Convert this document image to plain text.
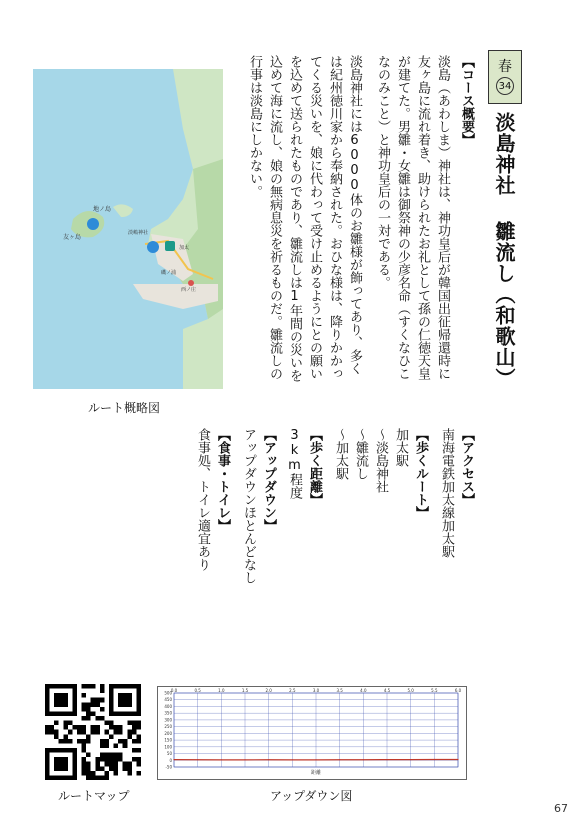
春
34
淡島神社 雛流し（和歌山）
【コース概要】

淡島（あわしま）神社は、神功皇后が韓国出征帰還時に友ヶ島に流れ着き、助けられたお礼として孫の仁徳天皇が建てた。男雛・女雛は御祭神の少彦名命（すくなひこなのみこと）と神功皇后の一対である。

淡島神社には6000体のお雛様が飾ってあり、多くは紀州徳川家から奉納された。おひな様は、降りかかってくる災いを、娘に代わって受け止めるようにとの願いを込めて送られたものであり、雛流しは1年間の災いを込めて海に流し、娘の無病息災を祈るものだ。雛流しの行事は淡島にしかない。

【アクセス】
南海電鉄加太線加太駅
【歩くルート】
加太駅
～淡島神社
～雛流し
～加太駅
【歩く距離】
3km程度
【アップダウン】
アップダウンほとんどなし
【食事・トイレ】
食事処、トイレ適宜あり
地ノ島
友ヶ島
淡嶋神社
加太
磯ノ浦
西ノ庄
ルート概略図
ルートマップ
500
450
400
350
300
250
200
150
100
50
0
-50
0.0	0.5	1.0	1.5	2.0	2.5	3.0	3.5	4.0	4.5	5.0	5.5	6.0
距離
アップダウン図
67
